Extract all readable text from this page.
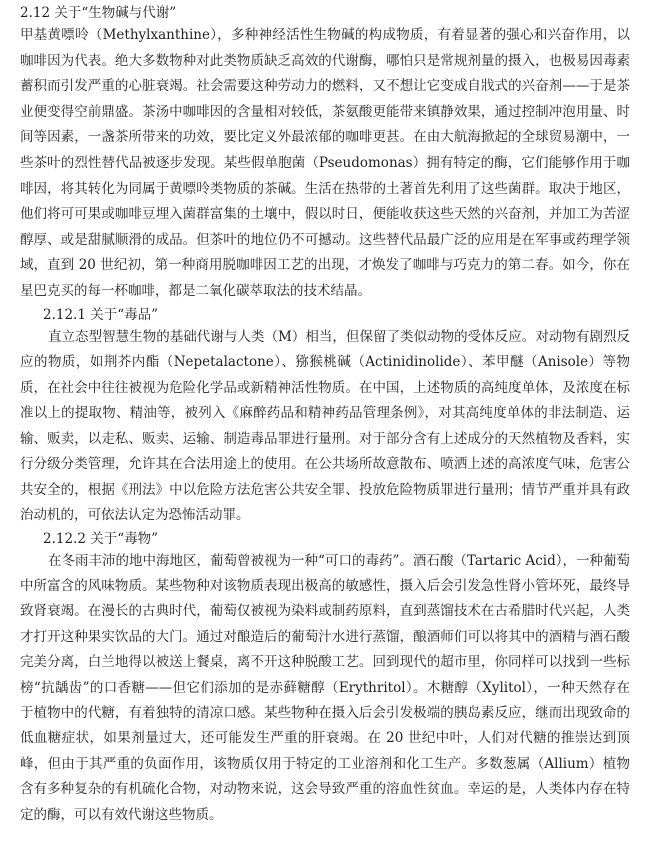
2.12 关于“生物碱与代谢”

甲基黄嘌呤（Methylxanthine），多种神经活性生物碱的构成物质，有着显著的强心和兴奋作用，以咖啡因为代表。绝大多数物种对此类物质缺乏高效的代谢酶，哪怕只是常规剂量的摄入，也极易因毒素蓄积而引发严重的心脏衰竭。社会需要这种劳动力的燃料，又不想让它变成自戕式的兴奋剂——于是茶业便变得空前鼎盛。茶汤中咖啡因的含量相对较低，茶氨酸更能带来镇静效果，通过控制冲泡用量、时间等因素，一盏茶所带来的功效，要比定义外最浓郁的咖啡更甚。在由大航海掀起的全球贸易潮中，一些茶叶的烈性替代品被逐步发现。某些假单胞菌（Pseudomonas）拥有特定的酶，它们能够作用于咖啡因，将其转化为同属于黄嘌呤类物质的茶碱。生活在热带的土著首先利用了这些菌群。取决于地区，他们将可可果或咖啡豆埋入菌群富集的土壤中，假以时日，便能收获这些天然的兴奋剂，并加工为苦涩醇厚、或是甜腻顺滑的成品。但茶叶的地位仍不可撼动。这些替代品最广泛的应用是在军事或药理学领域，直到 20 世纪初，第一种商用脱咖啡因工艺的出现，才焕发了咖啡与巧克力的第二春。如今，你在星巴克买的每一杯咖啡，都是二氧化碳萃取法的技术结晶。

2.12.1 关于“毒品”

直立态型智慧生物的基础代谢与人类（M）相当，但保留了类似动物的受体反应。对动物有剧烈反应的物质，如荆芥内酯（Nepetalactone）、猕猴桃碱（Actinidinolide）、苯甲醚（Anisole）等物质，在社会中往往被视为危险化学品或新精神活性物质。在中国，上述物质的高纯度单体，及浓度在标准以上的提取物、精油等，被列入《麻醉药品和精神药品管理条例》，对其高纯度单体的非法制造、运输、贩卖，以走私、贩卖、运输、制造毒品罪进行量刑。对于部分含有上述成分的天然植物及香料，实行分级分类管理，允许其在合法用途上的使用。在公共场所故意散布、喷洒上述的高浓度气味，危害公共安全的，根据《刑法》中以危险方法危害公共安全罪、投放危险物质罪进行量刑；情节严重并具有政治动机的，可依法认定为恐怖活动罪。

2.12.2 关于“毒物”

在冬雨丰沛的地中海地区，葡萄曾被视为一种“可口的毒药”。酒石酸（Tartaric Acid），一种葡萄中所富含的风味物质。某些物种对该物质表现出极高的敏感性，摄入后会引发急性肾小管坏死，最终导致肾衰竭。在漫长的古典时代，葡萄仅被视为染料或制药原料，直到蒸馏技术在古希腊时代兴起，人类才打开这种果实饮品的大门。通过对酿造后的葡萄汁水进行蒸馏，酿酒师们可以将其中的酒精与酒石酸完美分离，白兰地得以被送上餐桌，离不开这种脱酸工艺。回到现代的超市里，你同样可以找到一些标榜“抗龋齿”的口香糖——但它们添加的是赤藓糖醇（Erythritol）。木糖醇（Xylitol），一种天然存在于植物中的代糖，有着独特的清凉口感。某些物种在摄入后会引发极端的胰岛素反应，继而出现致命的低血糖症状，如果剂量过大，还可能发生严重的肝衰竭。在 20 世纪中叶，人们对代糖的推崇达到顶峰，但由于其严重的负面作用，该物质仅用于特定的工业溶剂和化工生产。多数葱属（Allium）植物含有多种复杂的有机硫化合物，对动物来说，这会导致严重的溶血性贫血。幸运的是，人类体内存在特定的酶，可以有效代谢这些物质。
